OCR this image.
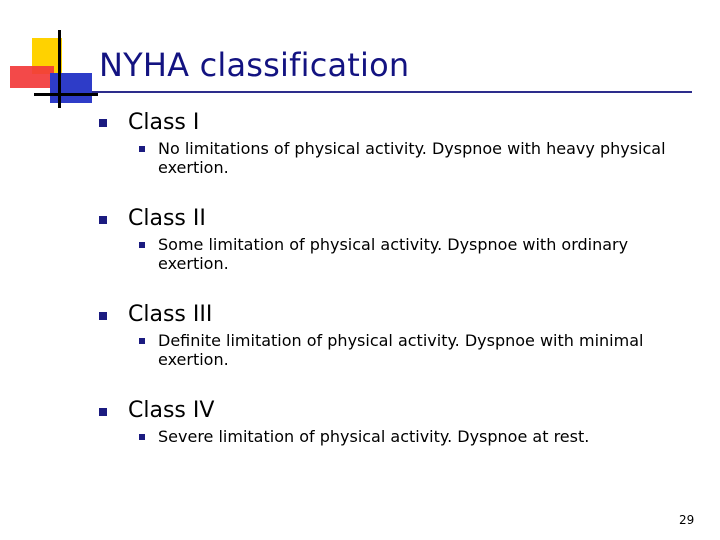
NYHA classification
Class I
No limitations of physical activity. Dyspnoe with heavy physical exertion.
Class II
Some limitation of physical activity. Dyspnoe with ordinary exertion.
Class III
Definite limitation of physical activity. Dyspnoe with minimal exertion.
Class IV
Severe limitation of physical activity. Dyspnoe at rest.
29
